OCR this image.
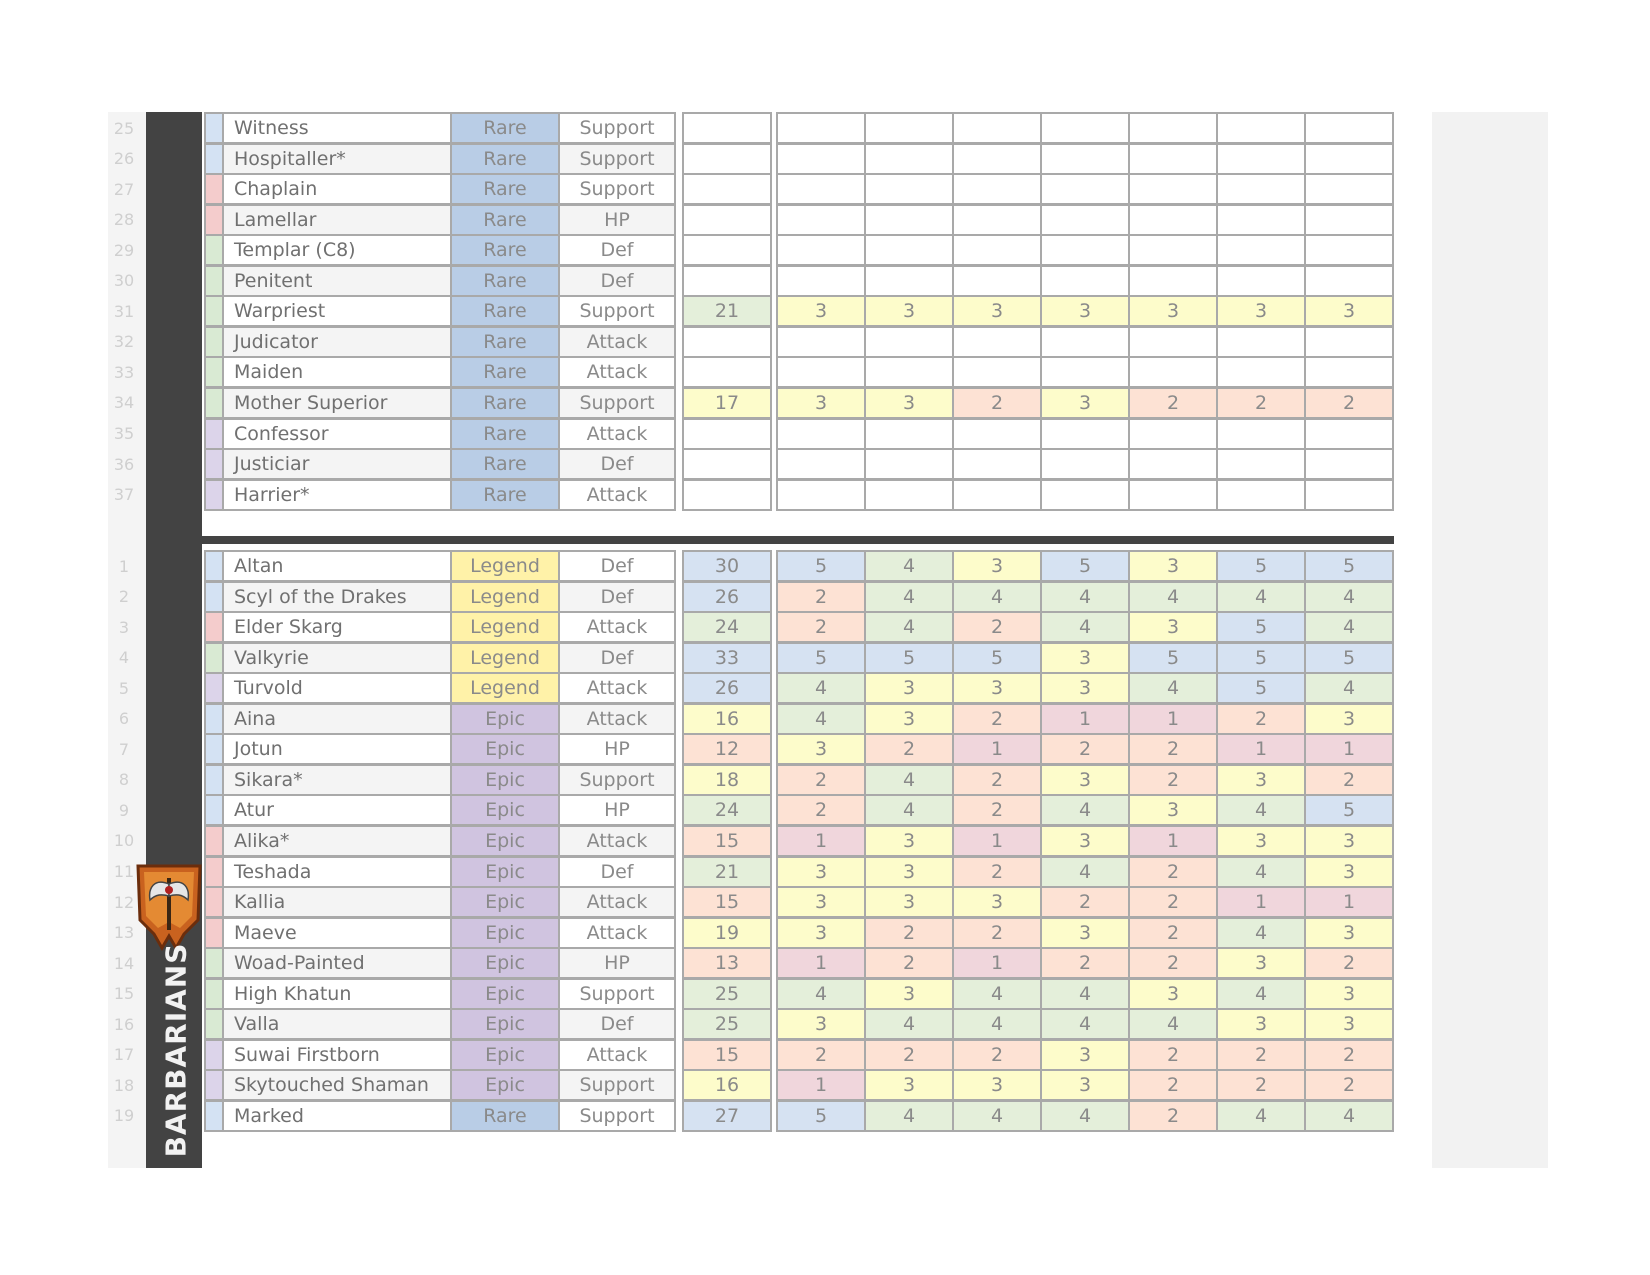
25	Witness	Rare	Support
26	Hospitaller*	Rare	Support
27	Chaplain	Rare	Support
28	Lamellar	Rare	HP
29	Templar (C8)	Rare	Def
30	Penitent	Rare	Def
31	Warpriest	Rare	Support	21	3	3	3	3	3	3	3
32	Judicator	Rare	Attack
33	Maiden	Rare	Attack
34	Mother Superior	Rare	Support	17	3	3	2	3	2	2	2
35	Confessor	Rare	Attack
36	Justiciar	Rare	Def
37	Harrier*	Rare	Attack
1	Altan	Legend	Def	30	5	4	3	5	3	5	5
2	Scyl of the Drakes	Legend	Def	26	2	4	4	4	4	4	4
3	Elder Skarg	Legend	Attack	24	2	4	2	4	3	5	4
4	Valkyrie	Legend	Def	33	5	5	5	3	5	5	5
5	Turvold	Legend	Attack	26	4	3	3	3	4	5	4
6	Aina	Epic	Attack	16	4	3	2	1	1	2	3
7	Jotun	Epic	HP	12	3	2	1	2	2	1	1
8	Sikara*	Epic	Support	18	2	4	2	3	2	3	2
9	Atur	Epic	HP	24	2	4	2	4	3	4	5
10	Alika*	Epic	Attack	15	1	3	1	3	1	3	3
11	Teshada	Epic	Def	21	3	3	2	4	2	4	3
12	Kallia	Epic	Attack	15	3	3	3	2	2	1	1
13	Maeve	Epic	Attack	19	3	2	2	3	2	4	3
14	Woad-Painted	Epic	HP	13	1	2	1	2	2	3	2
15	High Khatun	Epic	Support	25	4	3	4	4	3	4	3
16	Valla	Epic	Def	25	3	4	4	4	4	3	3
17	Suwai Firstborn	Epic	Attack	15	2	2	2	3	2	2	2
18	Skytouched Shaman	Epic	Support	16	1	3	3	3	2	2	2
19	Marked	Rare	Support	27	5	4	4	4	2	4	4
BARBARIANS
